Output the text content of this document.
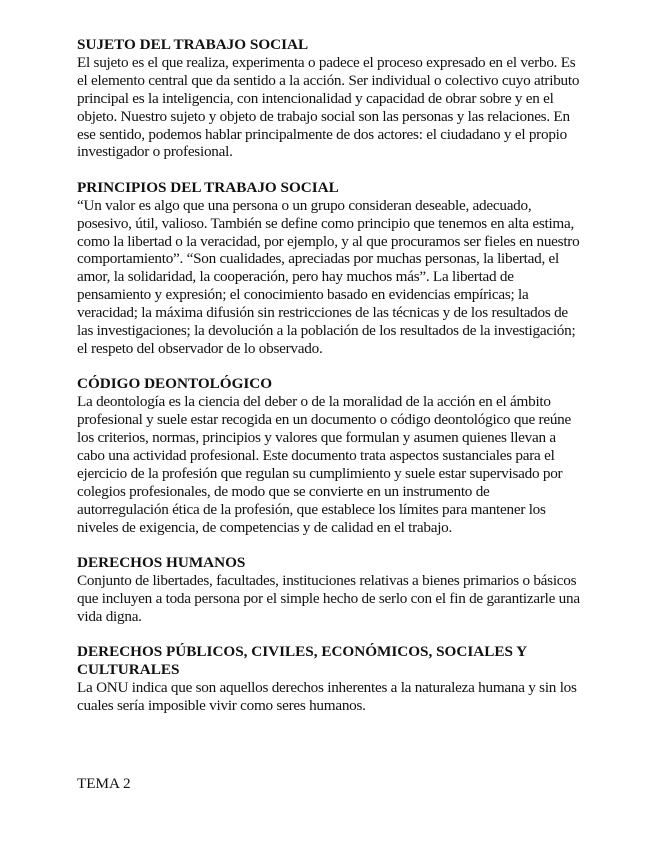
SUJETO DEL TRABAJO SOCIAL

El sujeto es el que realiza, experimenta o padece el proceso expresado en el verbo. Es el elemento central que da sentido a la acción. Ser individual o colectivo cuyo atributo principal es la inteligencia, con intencionalidad y capacidad de obrar sobre y en el objeto. Nuestro sujeto y objeto de trabajo social son las personas y las relaciones. En ese sentido, podemos hablar principalmente de dos actores: el ciudadano y el propio investigador o profesional.

PRINCIPIOS DEL TRABAJO SOCIAL

“Un valor es algo que una persona o un grupo consideran deseable, adecuado, posesivo, útil, valioso. También se define como principio que tenemos en alta estima, como la libertad o la veracidad, por ejemplo, y al que procuramos ser fieles en nuestro comportamiento”. “Son cualidades, apreciadas por muchas personas, la libertad, el amor, la solidaridad, la cooperación, pero hay muchos más”. La libertad de pensamiento y expresión; el conocimiento basado en evidencias empíricas; la veracidad; la máxima difusión sin restricciones de las técnicas y de los resultados de las investigaciones; la devolución a la población de los resultados de la investigación; el respeto del observador de lo observado.

CÓDIGO DEONTOLÓGICO

La deontología es la ciencia del deber o de la moralidad de la acción en el ámbito profesional y suele estar recogida en un documento o código deontológico que reúne los criterios, normas, principios y valores que formulan y asumen quienes llevan a cabo una actividad profesional. Este documento trata aspectos sustanciales para el ejercicio de la profesión que regulan su cumplimiento y suele estar supervisado por colegios profesionales, de modo que se convierte en un instrumento de autorregulación ética de la profesión, que establece los límites para mantener los niveles de exigencia, de competencias y de calidad en el trabajo.

DERECHOS HUMANOS

Conjunto de libertades, facultades, instituciones relativas a bienes primarios o básicos que incluyen a toda persona por el simple hecho de serlo con el fin de garantizarle una vida digna.

DERECHOS PÚBLICOS, CIVILES, ECONÓMICOS, SOCIALES Y CULTURALES

La ONU indica que son aquellos derechos inherentes a la naturaleza humana y sin los cuales sería imposible vivir como seres humanos.

TEMA 2
